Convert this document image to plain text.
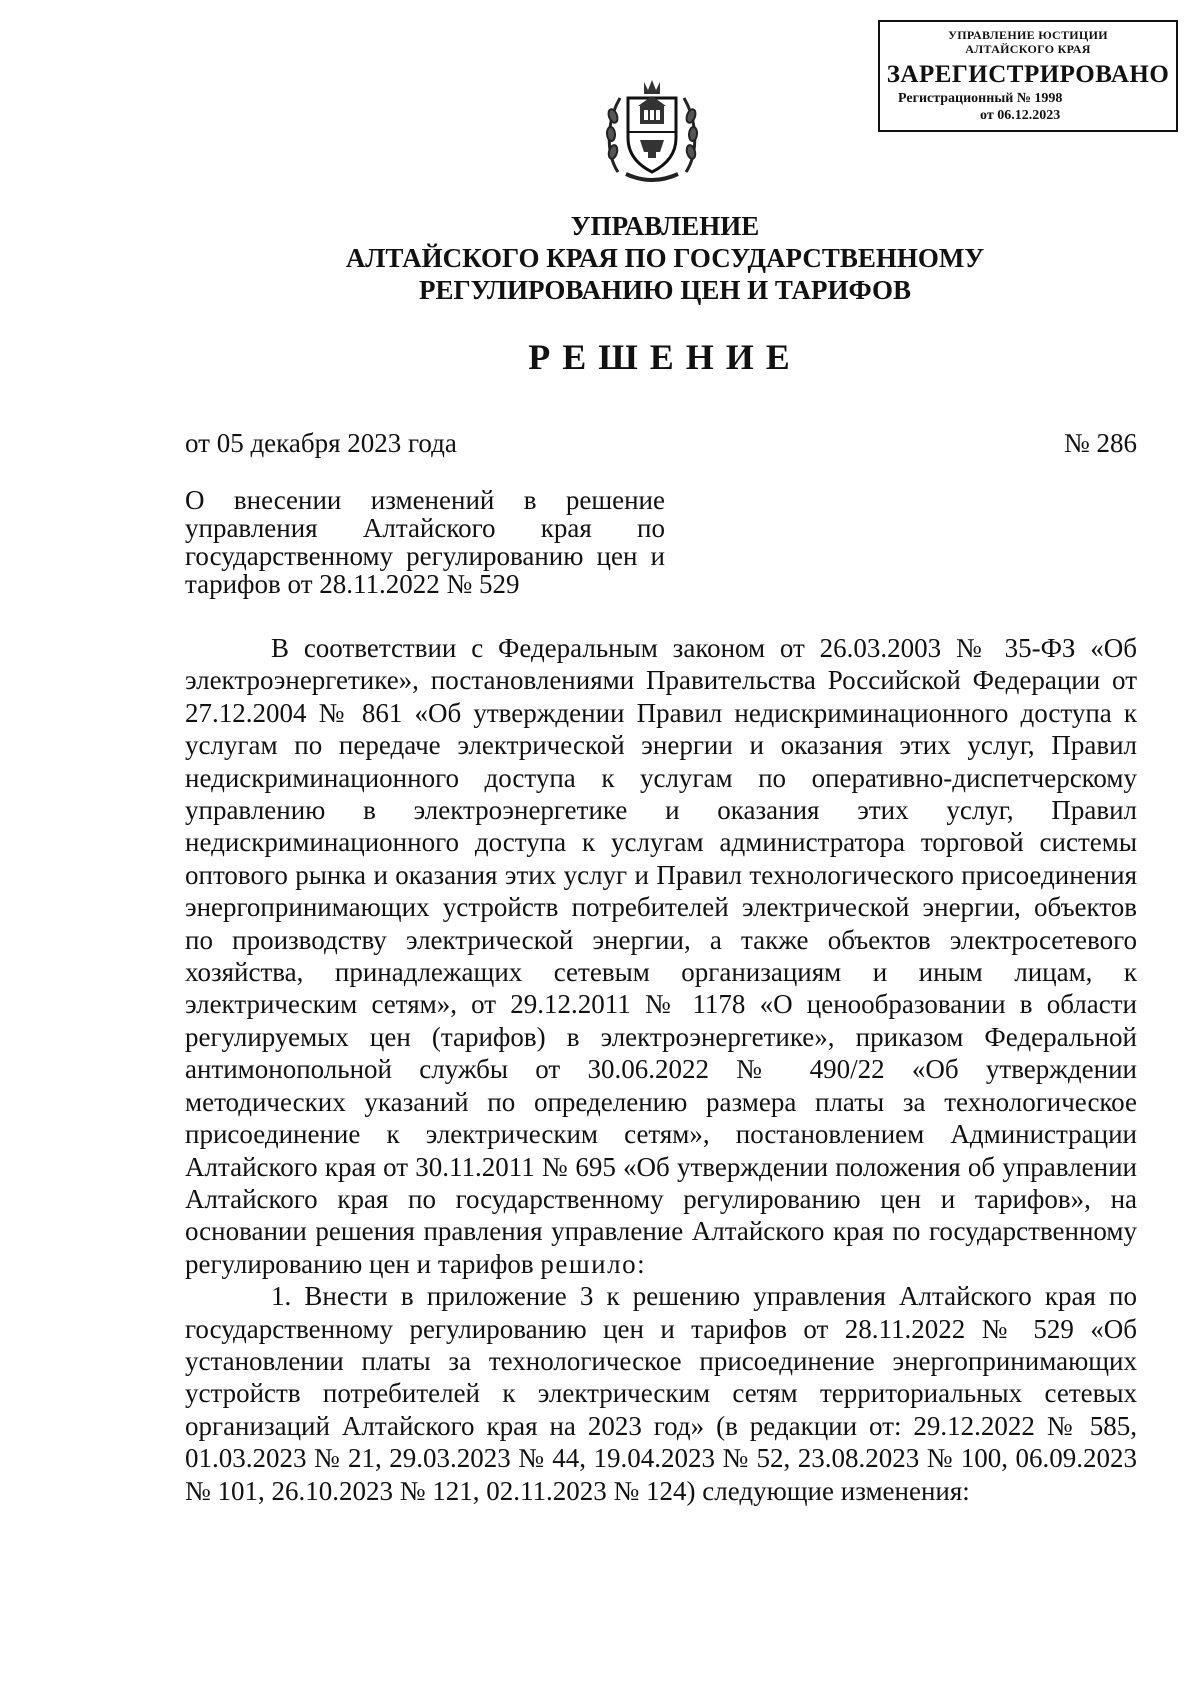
УПРАВЛЕНИЕ ЮСТИЦИИ
АЛТАЙСКОГО КРАЯ
ЗАРЕГИСТРИРОВАНО
Регистрационный № 1998
от 06.12.2023
УПРАВЛЕНИЕ
АЛТАЙСКОГО КРАЯ ПО ГОСУДАРСТВЕННОМУ
РЕГУЛИРОВАНИЮ ЦЕН И ТАРИФОВ
РЕШЕНИЕ
от 05 декабря 2023 года	№ 286
О внесении изменений в решение управления Алтайского края по государственному регулированию цен и тарифов от 28.11.2022 № 529

В соответствии с Федеральным законом от 26.03.2003 № 35-ФЗ «Об электроэнергетике», постановлениями Правительства Российской Федерации от 27.12.2004 № 861 «Об утверждении Правил недискриминационного доступа к услугам по передаче электрической энергии и оказания этих услуг, Правил недискриминационного доступа к услугам по оперативно-диспетчерскому управлению в электроэнергетике и оказания этих услуг, Правил недискриминационного доступа к услугам администратора торговой системы оптового рынка и оказания этих услуг и Правил технологического присоединения энергопринимающих устройств потребителей электрической энергии, объектов по производству электрической энергии, а также объектов электросетевого хозяйства, принадлежащих сетевым организациям и иным лицам, к электрическим сетям», от 29.12.2011 № 1178 «О ценообразовании в области регулируемых цен (тарифов) в электроэнергетике», приказом Федеральной антимонопольной службы от 30.06.2022 № 490/22 «Об утверждении методических указаний по определению размера платы за технологическое присоединение к электрическим сетям», постановлением Администрации Алтайского края от 30.11.2011 № 695 «Об утверждении положения об управлении Алтайского края по государственному регулированию цен и тарифов», на основании решения правления управление Алтайского края по государственному регулированию цен и тарифов решило:

1. Внести в приложение 3 к решению управления Алтайского края по государственному регулированию цен и тарифов от 28.11.2022 № 529 «Об установлении платы за технологическое присоединение энергопринимающих устройств потребителей к электрическим сетям территориальных сетевых организаций Алтайского края на 2023 год» (в редакции от: 29.12.2022 № 585, 01.03.2023 № 21, 29.03.2023 № 44, 19.04.2023 № 52, 23.08.2023 № 100, 06.09.2023 № 101, 26.10.2023 № 121, 02.11.2023 № 124) следующие изменения:
